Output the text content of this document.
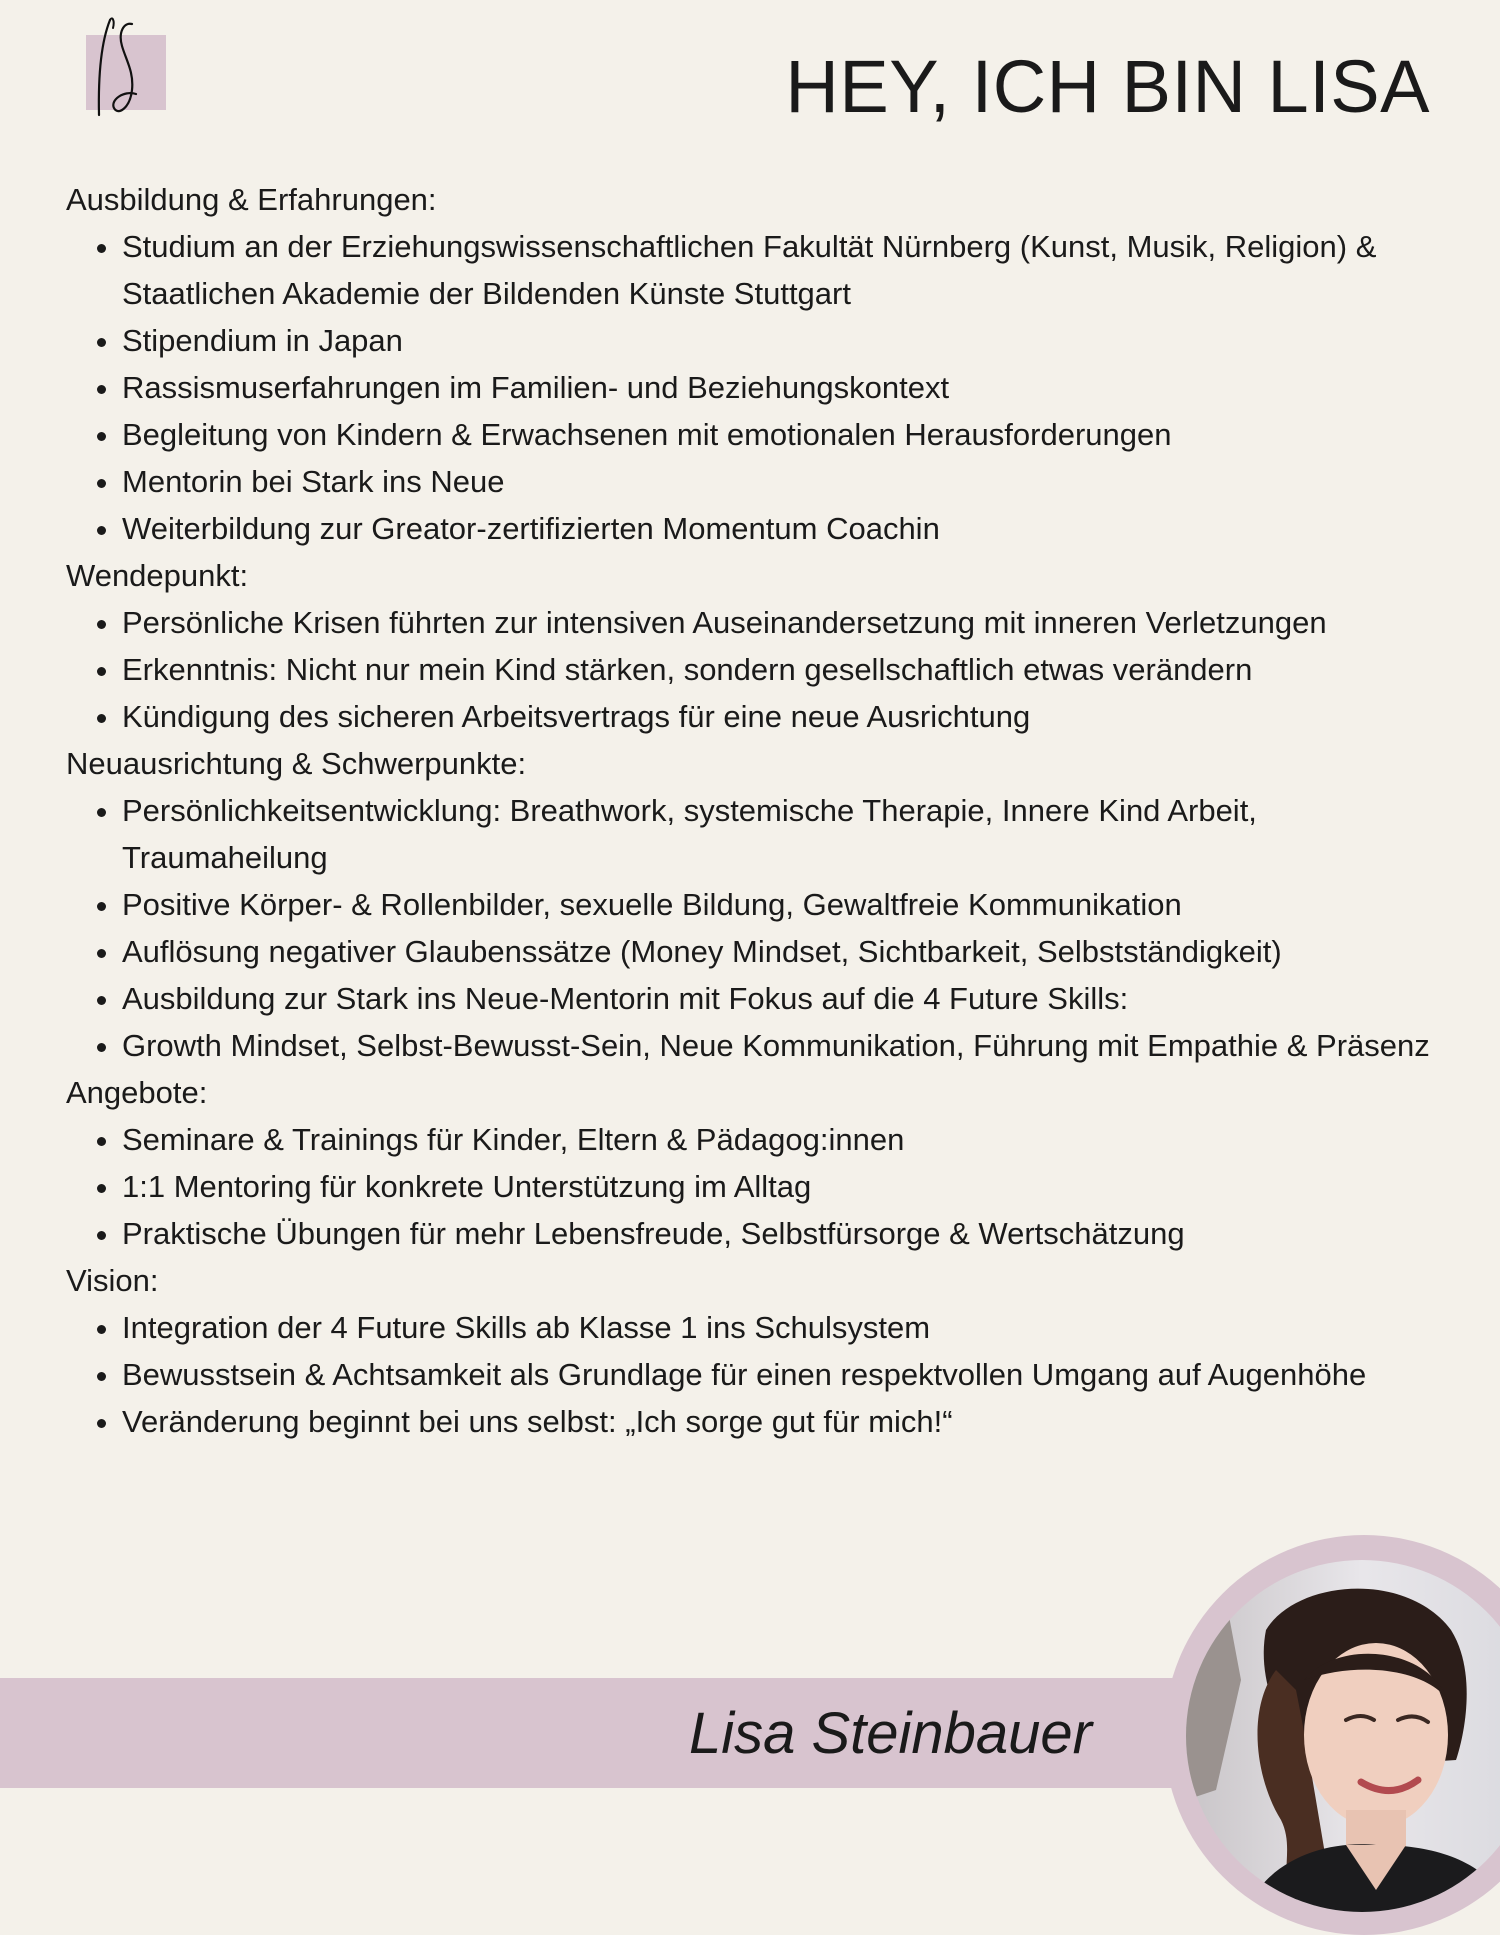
HEY, ICH BIN LISA

Ausbildung & Erfahrungen:

• Studium an der Erziehungswissenschaftlichen Fakultät Nürnberg (Kunst, Musik, Religion) & Staatlichen Akademie der Bildenden Künste Stuttgart
• Stipendium in Japan
• Rassismuserfahrungen im Familien- und Beziehungskontext
• Begleitung von Kindern & Erwachsenen mit emotionalen Herausforderungen
• Mentorin bei Stark ins Neue
• Weiterbildung zur Greator-zertifizierten Momentum Coachin

Wendepunkt:

• Persönliche Krisen führten zur intensiven Auseinandersetzung mit inneren Verletzungen
• Erkenntnis: Nicht nur mein Kind stärken, sondern gesellschaftlich etwas verändern
• Kündigung des sicheren Arbeitsvertrags für eine neue Ausrichtung

Neuausrichtung & Schwerpunkte:

• Persönlichkeitsentwicklung: Breathwork, systemische Therapie, Innere Kind Arbeit, Traumaheilung
• Positive Körper- & Rollenbilder, sexuelle Bildung, Gewaltfreie Kommunikation
• Auflösung negativer Glaubenssätze (Money Mindset, Sichtbarkeit, Selbstständigkeit)
• Ausbildung zur Stark ins Neue-Mentorin mit Fokus auf die 4 Future Skills:
• Growth Mindset, Selbst-Bewusst-Sein, Neue Kommunikation, Führung mit Empathie & Präsenz

Angebote:

• Seminare & Trainings für Kinder, Eltern & Pädagog:innen
• 1:1 Mentoring für konkrete Unterstützung im Alltag
• Praktische Übungen für mehr Lebensfreude, Selbstfürsorge & Wertschätzung

Vision:

• Integration der 4 Future Skills ab Klasse 1 ins Schulsystem
• Bewusstsein & Achtsamkeit als Grundlage für einen respektvollen Umgang auf Augenhöhe
• Veränderung beginnt bei uns selbst: „Ich sorge gut für mich!“

Lisa Steinbauer
